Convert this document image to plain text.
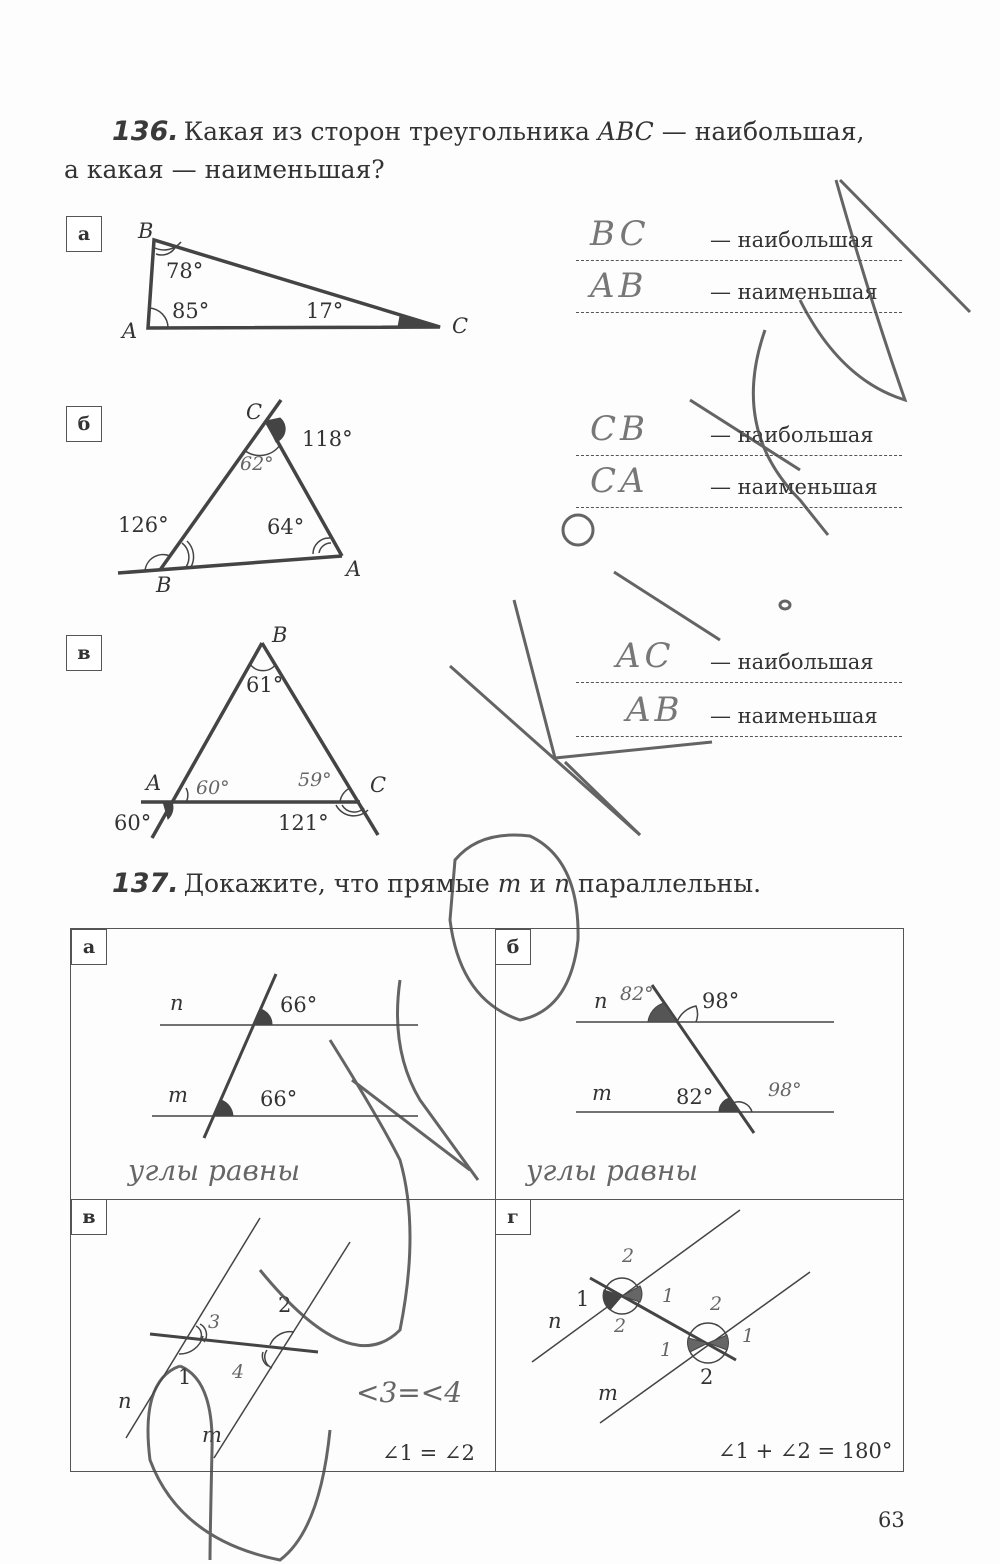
136. Какая из сторон треугольника ABC — наибольшая,
а какая — наименьшая?
а
б
в
BC	— наибольшая
AB	— наименьшая
CB	— наибольшая
CA	— наименьшая
AC — наибольшая
AB — наименьшая
137. Докажите, что прямые m и n параллельны.
а	б
в	г
B
A	C
78°
85°	17°
C
B
A
118°
126°	64°
B
A	C
61°
60°	121°
n
m
66°
66°
n
m
98°
82°
n
m
1
2
∠1 = ∠2
n
m
1
2
∠1 + ∠2 = 180°
62°
60°	59°
82°
98°
3
4
2
1
2
2
1
1
углы равны	углы равны
<3=<4
63
